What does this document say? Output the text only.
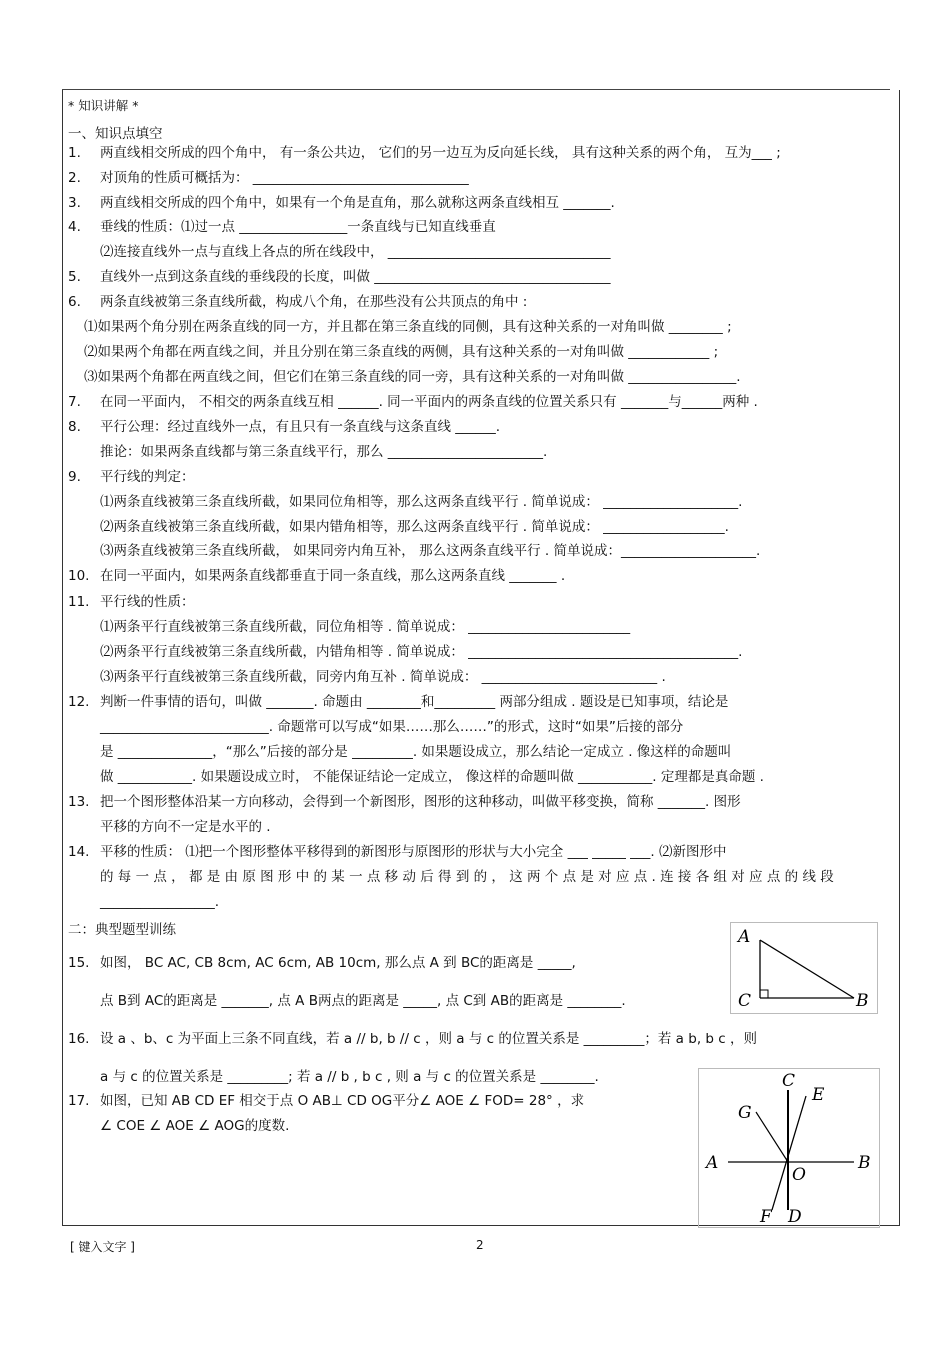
* 知识讲解 *
一、知识点填空
1. 两直线相交所成的四个角中， 有一条公共边， 它们的另一边互为反向延长线， 具有这种关系的两个角， 互为___ ;
2. 对顶角的性质可概括为： ________________________________
3. 两直线相交所成的四个角中，如果有一个角是直角，那么就称这两条直线相互 _______.
4. 垂线的性质：⑴过一点 ________________一条直线与已知直线垂直
⑵连接直线外一点与直线上各点的所在线段中， _________________________________
5. 直线外一点到这条直线的垂线段的长度，叫做 ___________________________________
6. 两条直线被第三条直线所截，构成八个角，在那些没有公共顶点的角中 :
⑴如果两个角分别在两条直线的同一方，并且都在第三条直线的同侧，具有这种关系的一对角叫做 ________ ;
⑵如果两个角都在两直线之间，并且分别在第三条直线的两侧，具有这种关系的一对角叫做 ____________ ;
⑶如果两个角都在两直线之间，但它们在第三条直线的同一旁，具有这种关系的一对角叫做 ________________.
7. 在同一平面内， 不相交的两条直线互相 ______. 同一平面内的两条直线的位置关系只有 _______与______两种 .
8. 平行公理：经过直线外一点，有且只有一条直线与这条直线 ______.
推论：如果两条直线都与第三条直线平行，那么 _______________________.
9. 平行线的判定：
⑴两条直线被第三条直线所截，如果同位角相等，那么这两条直线平行 . 简单说成： ____________________.
⑵两条直线被第三条直线所截，如果内错角相等，那么这两条直线平行 . 简单说成： __________________.
⑶两条直线被第三条直线所截， 如果同旁内角互补， 那么这两条直线平行 . 简单说成：____________________.
10. 在同一平面内，如果两条直线都垂直于同一条直线，那么这两条直线 _______ .
11. 平行线的性质：
⑴两条平行直线被第三条直线所截，同位角相等 . 简单说成： ________________________
⑵两条平行直线被第三条直线所截，内错角相等 . 简单说成： ________________________________________.
⑶两条平行直线被第三条直线所截，同旁内角互补 . 简单说成： __________________________ .
12. 判断一件事情的语句，叫做 _______. 命题由 ________和_________ 两部分组成 . 题设是已知事项，结论是
_________________________. 命题常可以写成“如果……那么……”的形式，这时“如果”后接的部分
是 ______________，“那么”后接的部分是 _________. 如果题设成立，那么结论一定成立 . 像这样的命题叫
做 ___________. 如果题设成立时， 不能保证结论一定成立， 像这样的命题叫做 ___________. 定理都是真命题 .
13. 把一个图形整体沿某一方向移动，会得到一个新图形，图形的这种移动，叫做平移变换，简称 _______. 图形
平移的方向不一定是水平的 .
14. 平移的性质： ⑴把一个图形整体平移得到的新图形与原图形的形状与大小完全 ___ _____ ___. ⑵新图形中
的 每 一 点 ， 都 是 由 原 图 形 中 的 某 一 点 移 动 后 得 到 的 ， 这 两 个 点 是 对 应 点 . 连 接 各 组 对 应 点 的 线 段
_________________.
二：典型题型训练
15. 如图， BC AC, CB 8cm, AC 6cm, AB 10cm, 那么点 A 到 BC的距离是 _____,
点 B到 AC的距离是 _______, 点 A B两点的距离是 _____, 点 C到 AB的距离是 ________.
16. 设 a 、b、c 为平面上三条不同直线，若 a // b, b // c ，则 a 与 c 的位置关系是 _________；若 a b, b c ，则
a 与 c 的位置关系是 _________; 若 a // b , b c , 则 a 与 c 的位置关系是 ________.
17. 如图，已知 AB CD EF 相交于点 O AB⊥ CD OG平分∠ AOE ∠ FOD= 28° ，求
∠ COE ∠ AOE ∠ AOG的度数.
A
C	B
C
E
G
A	B
O
F D
[ 键入文字 ]	2
